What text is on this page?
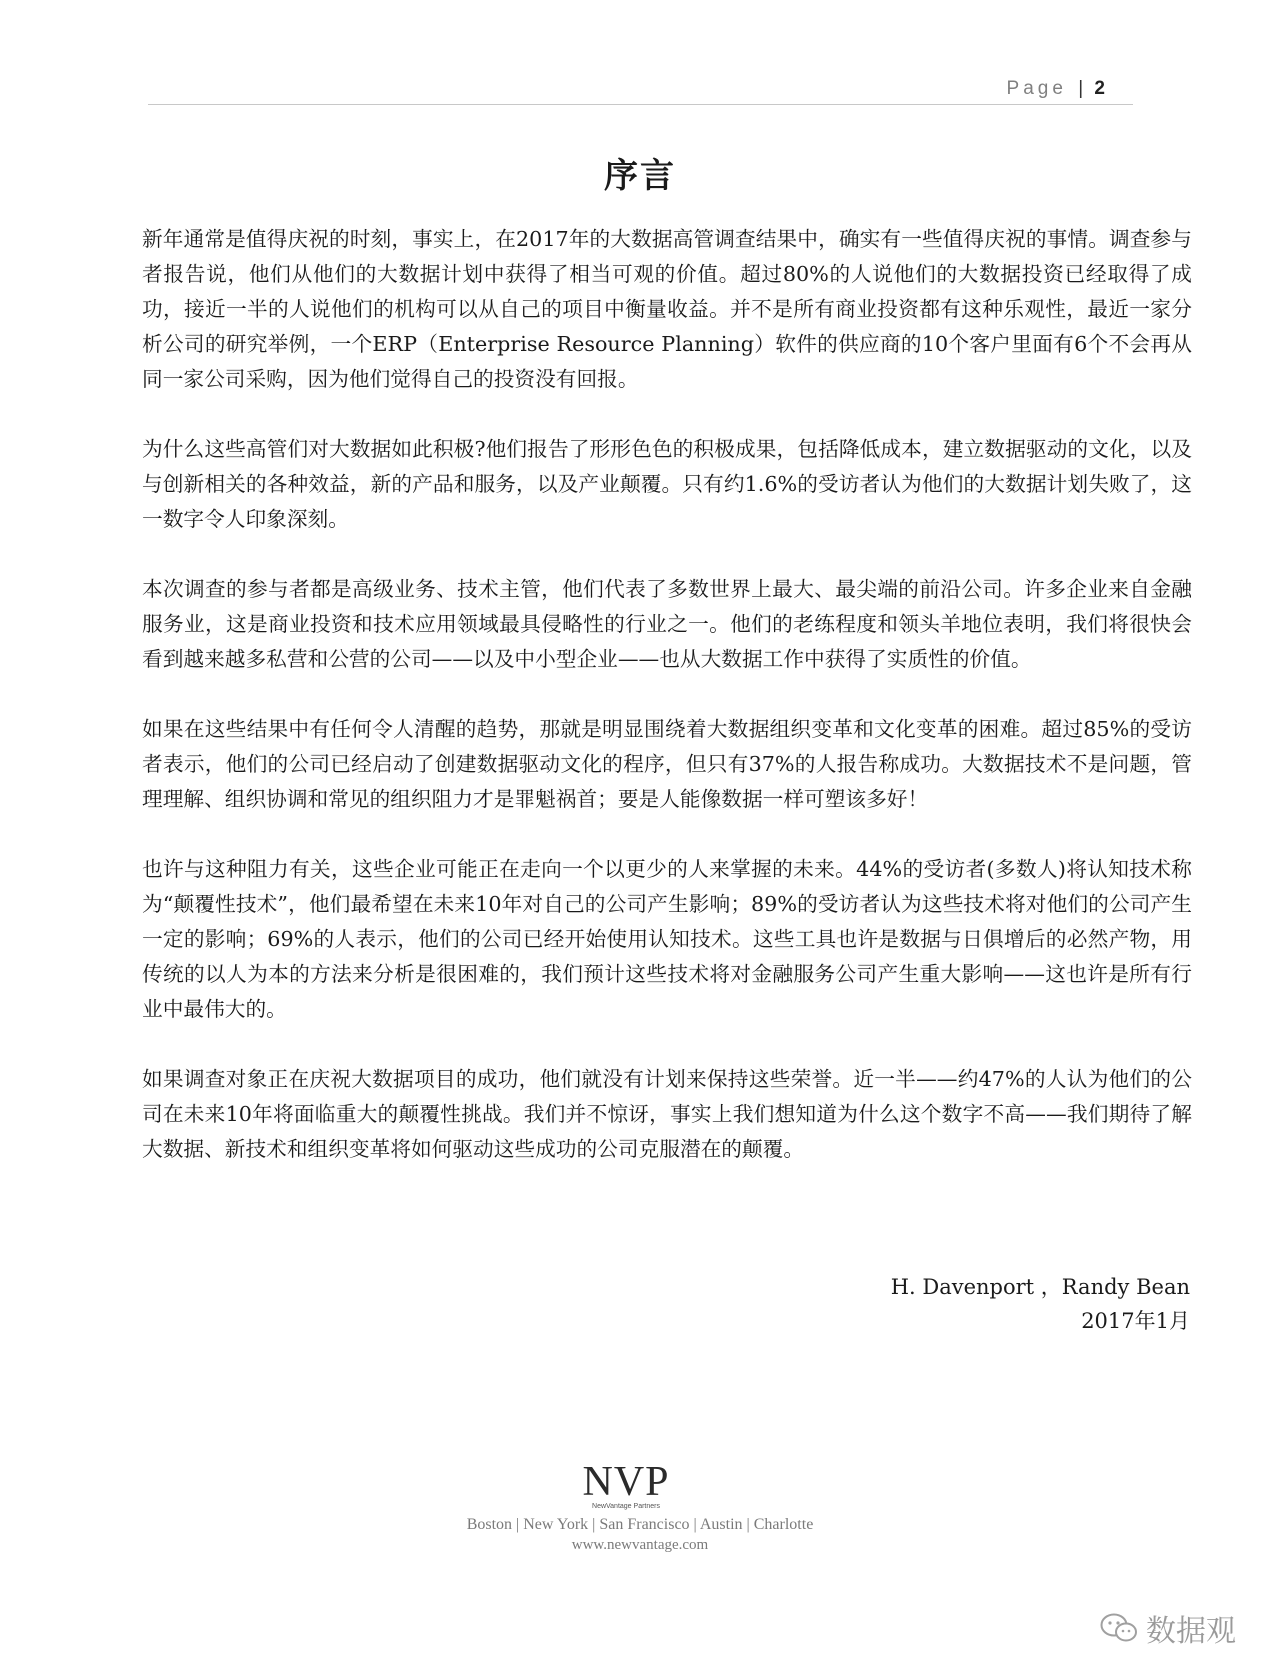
Page | 2
序言

新年通常是值得庆祝的时刻，事实上，在2017年的大数据高管调查结果中，确实有一些值得庆祝的事情。调查参与者报告说，他们从他们的大数据计划中获得了相当可观的价值。超过80%的人说他们的大数据投资已经取得了成功，接近一半的人说他们的机构可以从自己的项目中衡量收益。并不是所有商业投资都有这种乐观性，最近一家分析公司的研究举例，一个ERP（Enterprise Resource Planning）软件的供应商的10个客户里面有6个不会再从同一家公司采购，因为他们觉得自己的投资没有回报。

为什么这些高管们对大数据如此积极?他们报告了形形色色的积极成果，包括降低成本，建立数据驱动的文化，以及与创新相关的各种效益，新的产品和服务，以及产业颠覆。只有约1.6%的受访者认为他们的大数据计划失败了，这一数字令人印象深刻。

本次调查的参与者都是高级业务、技术主管，他们代表了多数世界上最大、最尖端的前沿公司。许多企业来自金融服务业，这是商业投资和技术应用领域最具侵略性的行业之一。他们的老练程度和领头羊地位表明，我们将很快会看到越来越多私营和公营的公司——以及中小型企业——也从大数据工作中获得了实质性的价值。

如果在这些结果中有任何令人清醒的趋势，那就是明显围绕着大数据组织变革和文化变革的困难。超过85%的受访者表示，他们的公司已经启动了创建数据驱动文化的程序，但只有37%的人报告称成功。大数据技术不是问题，管理理解、组织协调和常见的组织阻力才是罪魁祸首；要是人能像数据一样可塑该多好！

也许与这种阻力有关，这些企业可能正在走向一个以更少的人来掌握的未来。44%的受访者(多数人)将认知技术称为“颠覆性技术”，他们最希望在未来10年对自己的公司产生影响；89%的受访者认为这些技术将对他们的公司产生一定的影响；69%的人表示，他们的公司已经开始使用认知技术。这些工具也许是数据与日俱增后的必然产物，用传统的以人为本的方法来分析是很困难的，我们预计这些技术将对金融服务公司产生重大影响——这也许是所有行业中最伟大的。

如果调查对象正在庆祝大数据项目的成功，他们就没有计划来保持这些荣誉。近一半——约47%的人认为他们的公司在未来10年将面临重大的颠覆性挑战。我们并不惊讶，事实上我们想知道为什么这个数字不高——我们期待了解大数据、新技术和组织变革将如何驱动这些成功的公司克服潜在的颠覆。

H. Davenport ，Randy Bean
2017年1月
NVP
NewVantage Partners
Boston | New York | San Francisco | Austin | Charlotte
www.newvantage.com
数据观
